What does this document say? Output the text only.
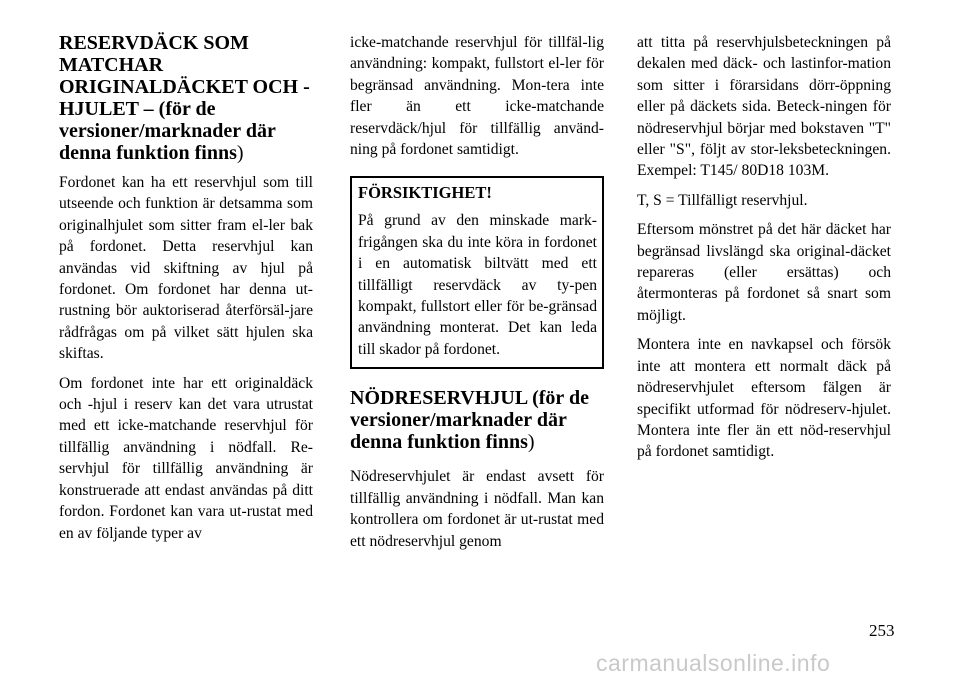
RESERVDÄCK SOM MATCHAR ORIGINALDÄCKET OCH -HJULET – (för de versioner/marknader där denna funktion finns)

Fordonet kan ha ett reservhjul som till utseende och funktion är detsamma som originalhjulet som sitter fram el-ler bak på fordonet. Detta reservhjul kan användas vid skiftning av hjul på fordonet. Om fordonet har denna ut-rustning bör auktoriserad återförsäl-jare rådfrågas om på vilket sätt hjulen ska skiftas.

Om fordonet inte har ett originaldäck och -hjul i reserv kan det vara utrustat med ett icke-matchande reservhjul för tillfällig användning i nödfall. Re-servhjul för tillfällig användning är konstruerade att endast användas på ditt fordon. Fordonet kan vara ut-rustat med en av följande typer av

icke-matchande reservhjul för tillfäl-lig användning: kompakt, fullstort el-ler för begränsad användning. Mon-tera inte fler än ett icke-matchande reservdäck/hjul för tillfällig använd-ning på fordonet samtidigt.

FÖRSIKTIGHET!

På grund av den minskade mark-frigången ska du inte köra in fordonet i en automatisk biltvätt med ett tillfälligt reservdäck av ty-pen kompakt, fullstort eller för be-gränsad användning monterat. Det kan leda till skador på fordonet.

NÖDRESERVHJUL (för de versioner/marknader där denna funktion finns)

Nödreservhjulet är endast avsett för tillfällig användning i nödfall. Man kan kontrollera om fordonet är ut-rustat med ett nödreservhjul genom

att titta på reservhjulsbeteckningen på dekalen med däck- och lastinfor-mation som sitter i förarsidans dörr-öppning eller på däckets sida. Beteck-ningen för nödreservhjul börjar med bokstaven "T" eller "S", följt av stor-leksbeteckningen. Exempel: T145/ 80D18 103M.

T, S = Tillfälligt reservhjul.

Eftersom mönstret på det här däcket har begränsad livslängd ska original-däcket repareras (eller ersättas) och återmonteras på fordonet så snart som möjligt.

Montera inte en navkapsel och försök inte att montera ett normalt däck på nödreservhjulet eftersom fälgen är specifikt utformad för nödreserv-hjulet. Montera inte fler än ett nöd-reservhjul på fordonet samtidigt.

253
carmanualsonline.info
